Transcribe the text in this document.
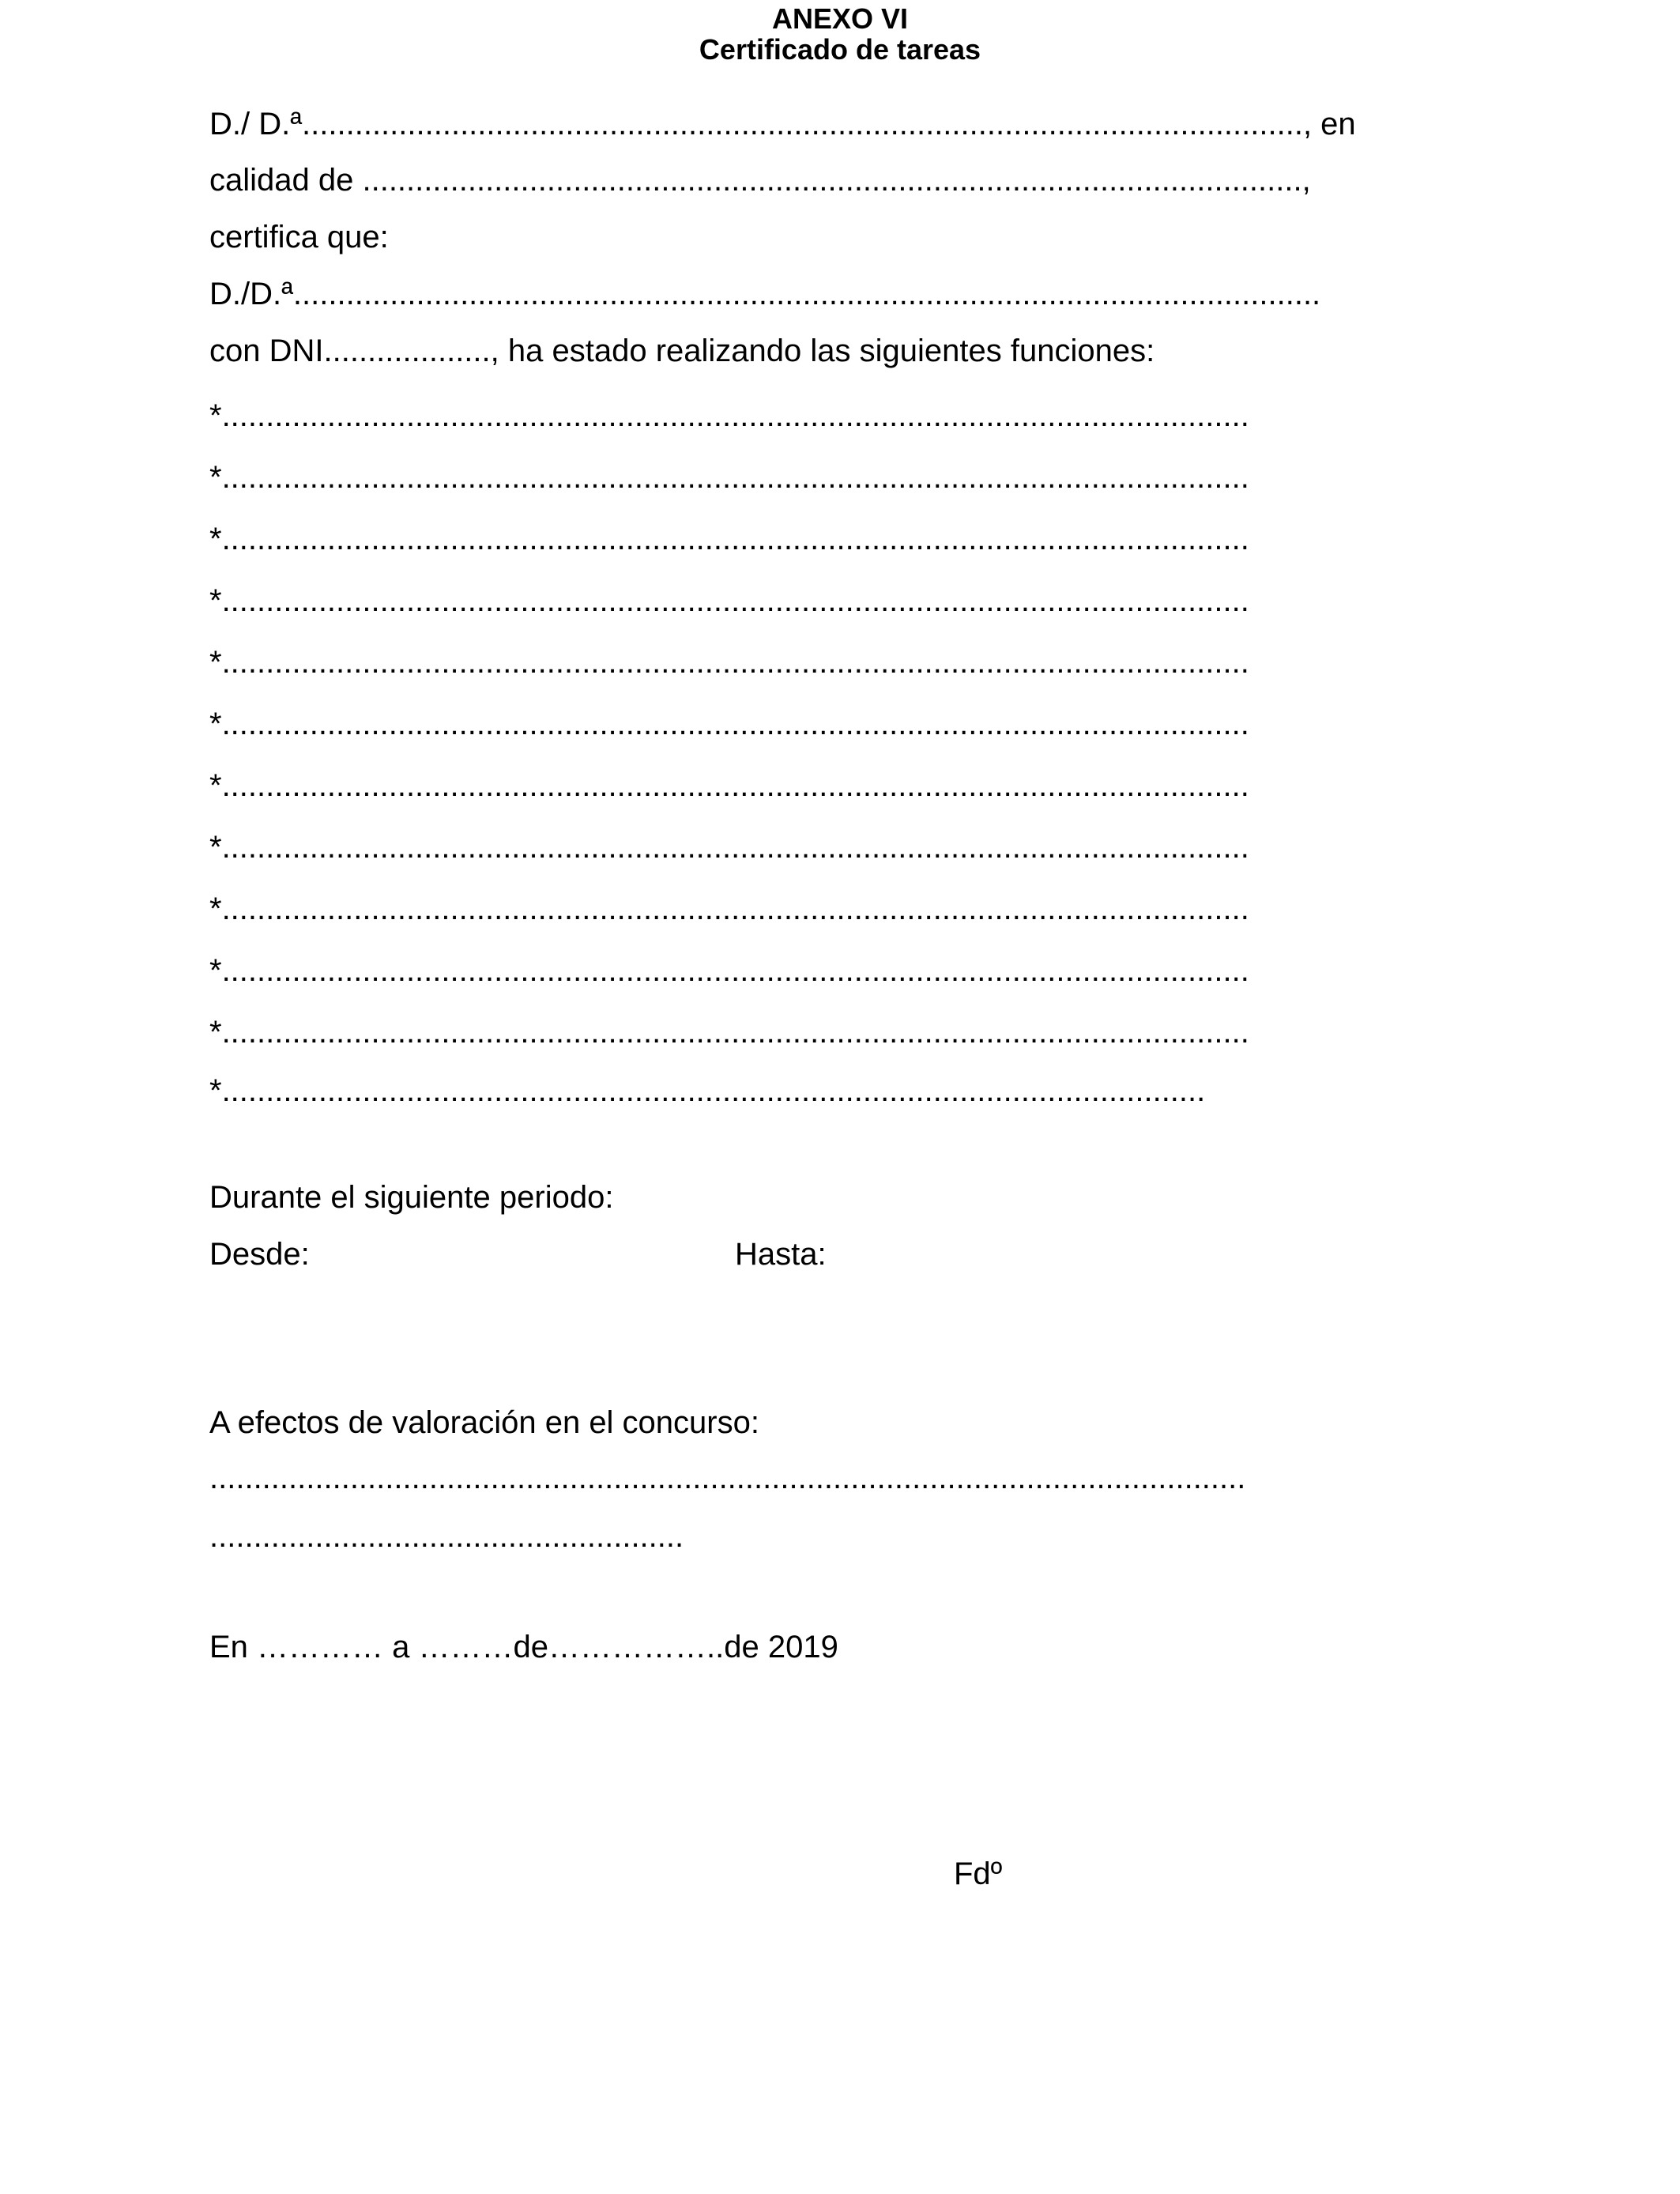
ANEXO VI
Certificado de tareas
D./ D.ª.................................................................................................................., en
calidad de ...........................................................................................................,
certifica que:
D./D.ª.....................................................................................................................
con DNI..................., ha estado realizando las siguientes funciones:
*.....................................................................................................................
*.....................................................................................................................
*.....................................................................................................................
*.....................................................................................................................
*.....................................................................................................................
*.....................................................................................................................
*.....................................................................................................................
*.....................................................................................................................
*.....................................................................................................................
*.....................................................................................................................
*.....................................................................................................................
*................................................................................................................
Durante el siguiente periodo:
Desde:	Hasta:
A efectos de valoración en el concurso:
......................................................................................................................
......................................................
En ………… a ………de……………..de 2019
Fdº
